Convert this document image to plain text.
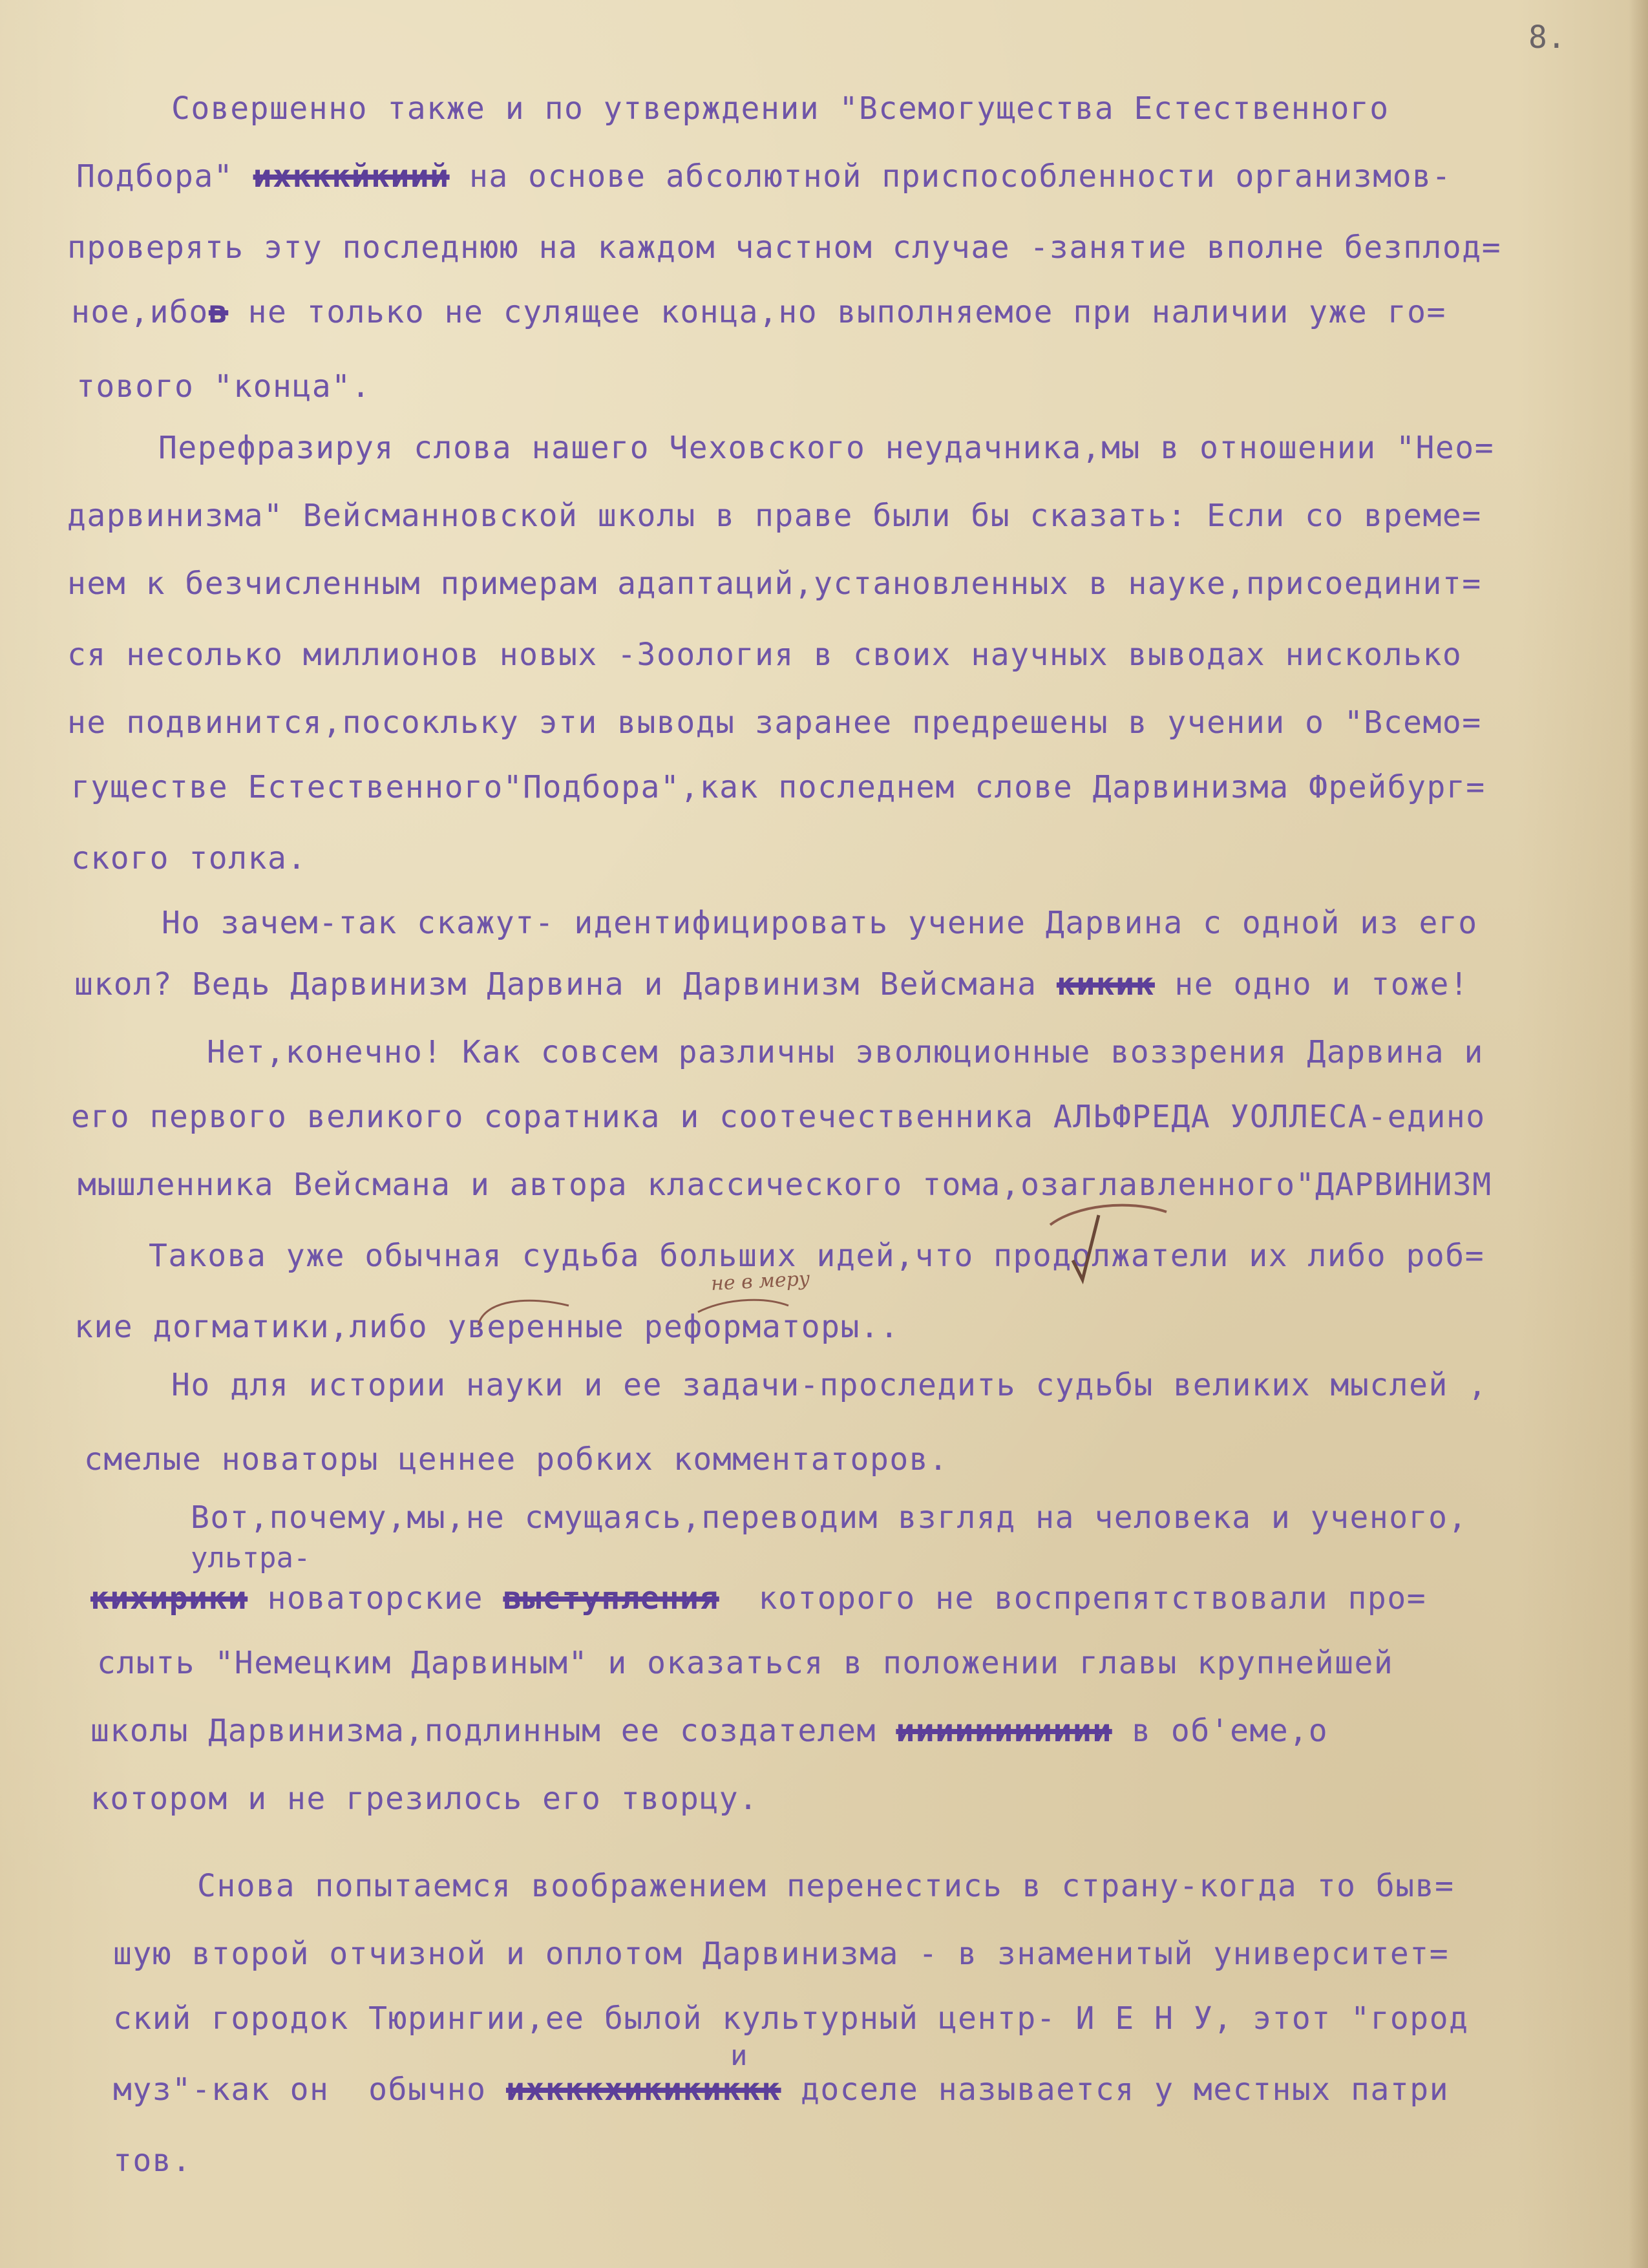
8.
Совершенно также и по утверждении "Всемогущества Естественного
Подбора" ихкккйкиий на основе абсолютной приспособленности организмов-
проверять эту последнюю на каждом частном случае -занятие вполне безплод=
ное,ибов не только не сулящее конца,но выполняемое при наличии уже го=
тового "конца".
Перефразируя слова нашего Чеховского неудачника,мы в отношении "Нео=
дарвинизма" Вейсманновской школы в праве были бы сказать: Если со време=
нем к безчисленным примерам адаптаций,установленных в науке,присоединит=
ся несолько миллионов новых -Зоология в своих научных выводах нисколько
не подвинится,посокльку эти выводы заранее предрешены в учении о "Всемо=
гуществе Естественного"Подбора",как последнем слове Дарвинизма Фрейбург=
ского толка.
Но зачем-так скажут- идентифицировать учение Дарвина с одной из его
школ? Ведь Дарвинизм Дарвина и Дарвинизм Вейсмана кикик не одно и тоже!
Нет,конечно! Как совсем различны эволюционные воззрения Дарвина и
его первого великого соратника и соотечественника АЛЬФРЕДА УОЛЛЕСА-едино
мышленника Вейсмана и автора классического тома,озаглавленного"ДАРВИНИЗМ
Такова уже обычная судьба больших идей,что продолжатели их либо роб=
кие догматики,либо уверенные реформаторы..
Но для истории науки и ее задачи-проследить судьбы великих мыслей ,
смелые новаторы ценнее робких комментаторов.
Вот,почему,мы,не смущаясь,переводим взгляд на человека и ученого,
кихирики новаторские выступления  которого не воспрепятствовали про=
слыть "Немецким Дарвиным" и оказаться в положении главы крупнейшей
школы Дарвинизма,подлинным ее создателем иииииииииии в об'еме,о
котором и не грезилось его творцу.
Снова попытаемся воображением перенестись в страну-когда то быв=
шую второй отчизной и оплотом Дарвинизма - в знаменитый университет=
ский городок Тюрингии,ее былой культурный центр- И Е Н У, этот "город
муз"-как он  обычно ихкккхикикиккк доселе называется у местных патри
тов.
ультра-
и
не в меру
